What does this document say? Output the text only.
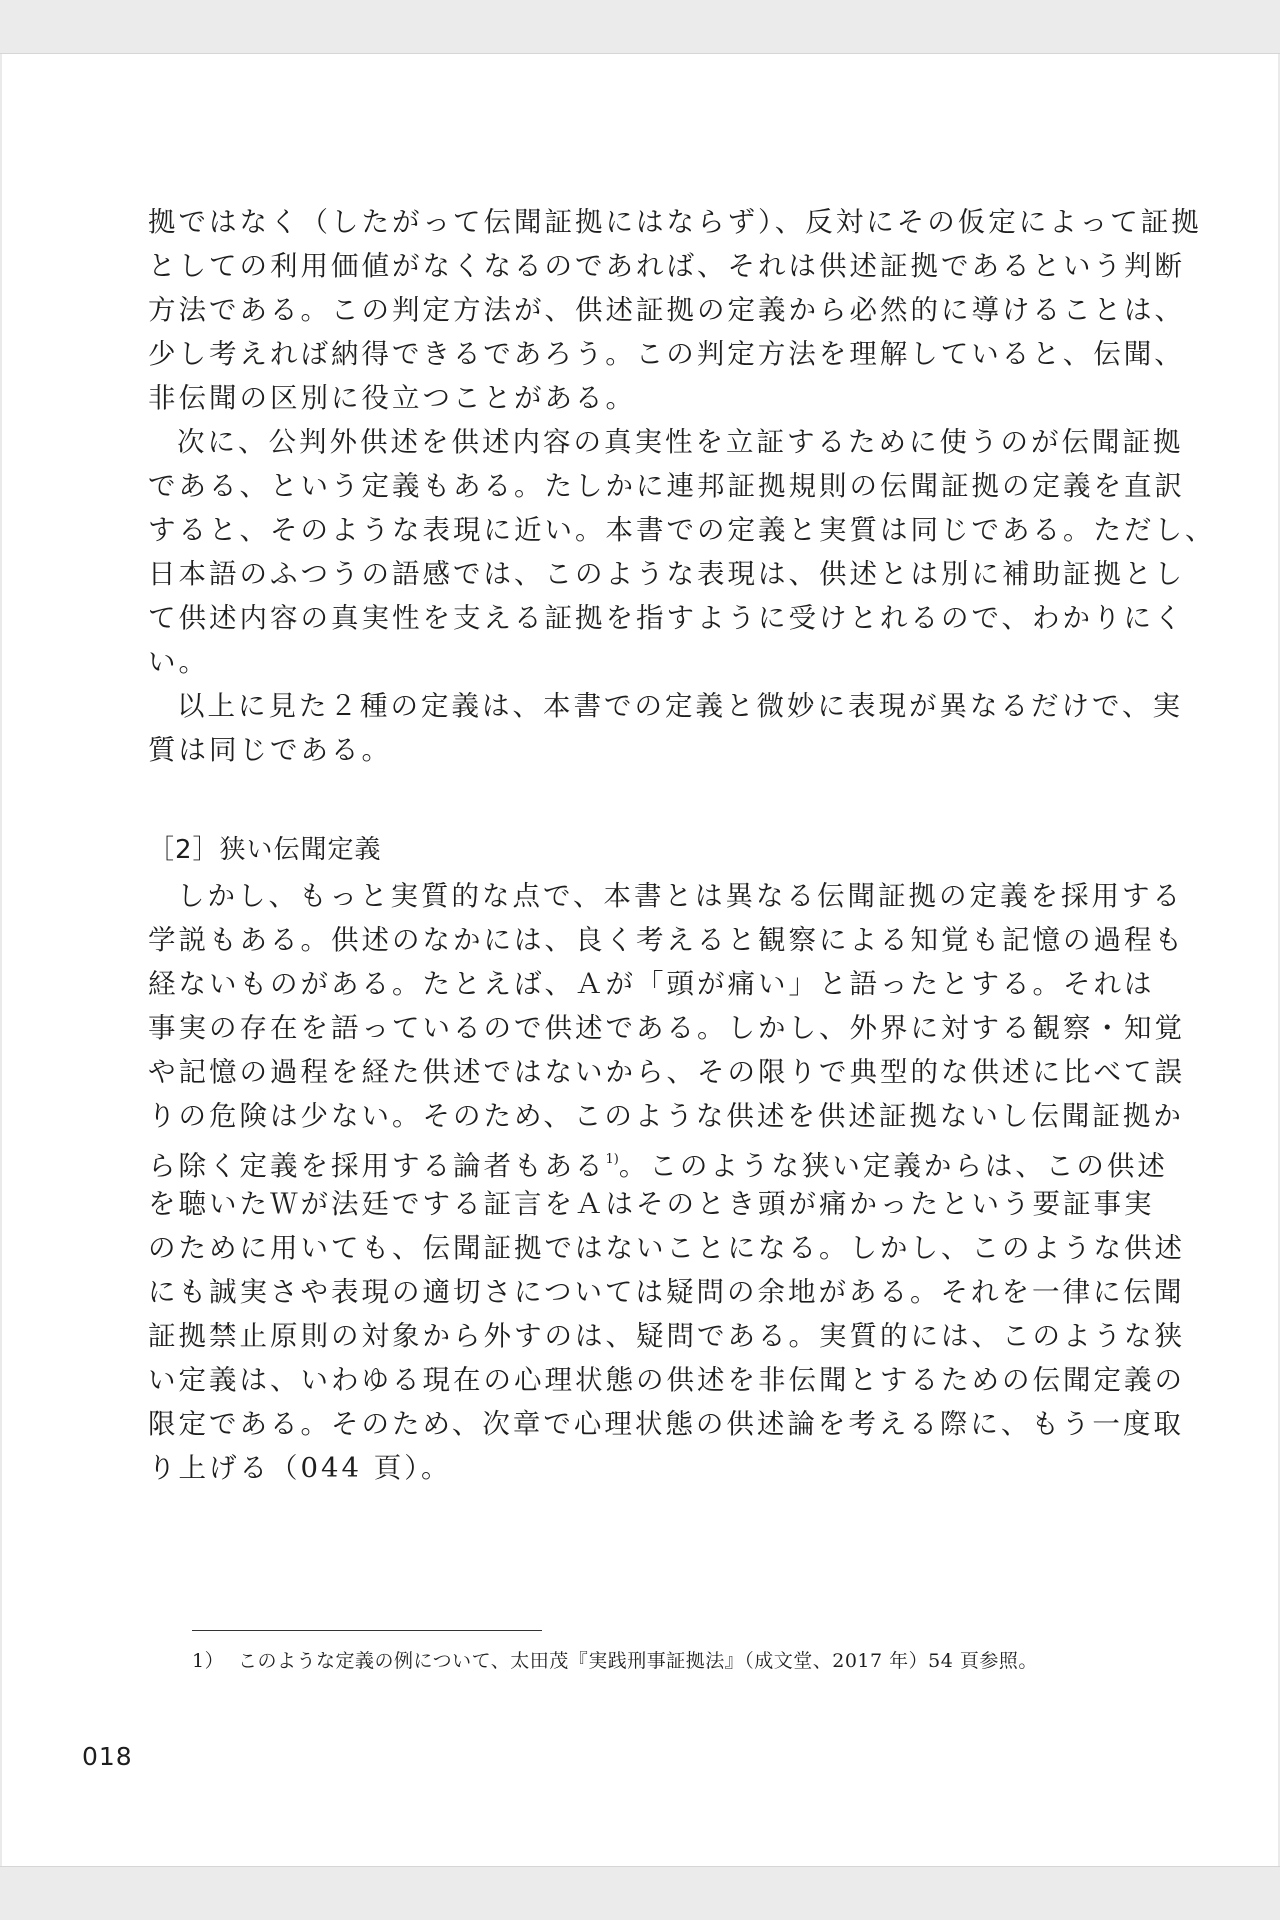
拠ではなく（したがって伝聞証拠にはならず）、反対にその仮定によって証拠
としての利用価値がなくなるのであれば、それは供述証拠であるという判断
方法である。この判定方法が、供述証拠の定義から必然的に導けることは、
少し考えれば納得できるであろう。この判定方法を理解していると、伝聞、
非伝聞の区別に役立つことがある。
次に、公判外供述を供述内容の真実性を立証するために使うのが伝聞証拠
である、という定義もある。たしかに連邦証拠規則の伝聞証拠の定義を直訳
すると、そのような表現に近い。本書での定義と実質は同じである。ただし、
日本語のふつうの語感では、このような表現は、供述とは別に補助証拠とし
て供述内容の真実性を支える証拠を指すように受けとれるので、わかりにく
い。
以上に見た２種の定義は、本書での定義と微妙に表現が異なるだけで、実
質は同じである。
［2］狭い伝聞定義
しかし、もっと実質的な点で、本書とは異なる伝聞証拠の定義を採用する
学説もある。供述のなかには、良く考えると観察による知覚も記憶の過程も
経ないものがある。たとえば、Ａが「頭が痛い」と語ったとする。それは
事実の存在を語っているので供述である。しかし、外界に対する観察・知覚
や記憶の過程を経た供述ではないから、その限りで典型的な供述に比べて誤
りの危険は少ない。そのため、このような供述を供述証拠ないし伝聞証拠か
ら除く定義を採用する論者もある$^{1)}$。このような狭い定義からは、この供述
を聴いたＷが法廷でする証言をＡはそのとき頭が痛かったという要証事実
のために用いても、伝聞証拠ではないことになる。しかし、このような供述
にも誠実さや表現の適切さについては疑問の余地がある。それを一律に伝聞
証拠禁止原則の対象から外すのは、疑問である。実質的には、このような狭
い定義は、いわゆる現在の心理状態の供述を非伝聞とするための伝聞定義の
限定である。そのため、次章で心理状態の供述論を考える際に、もう一度取
り上げる（044 頁）。
1） このような定義の例について、太田茂『実践刑事証拠法』（成文堂、2017 年）54 頁参照。
018
